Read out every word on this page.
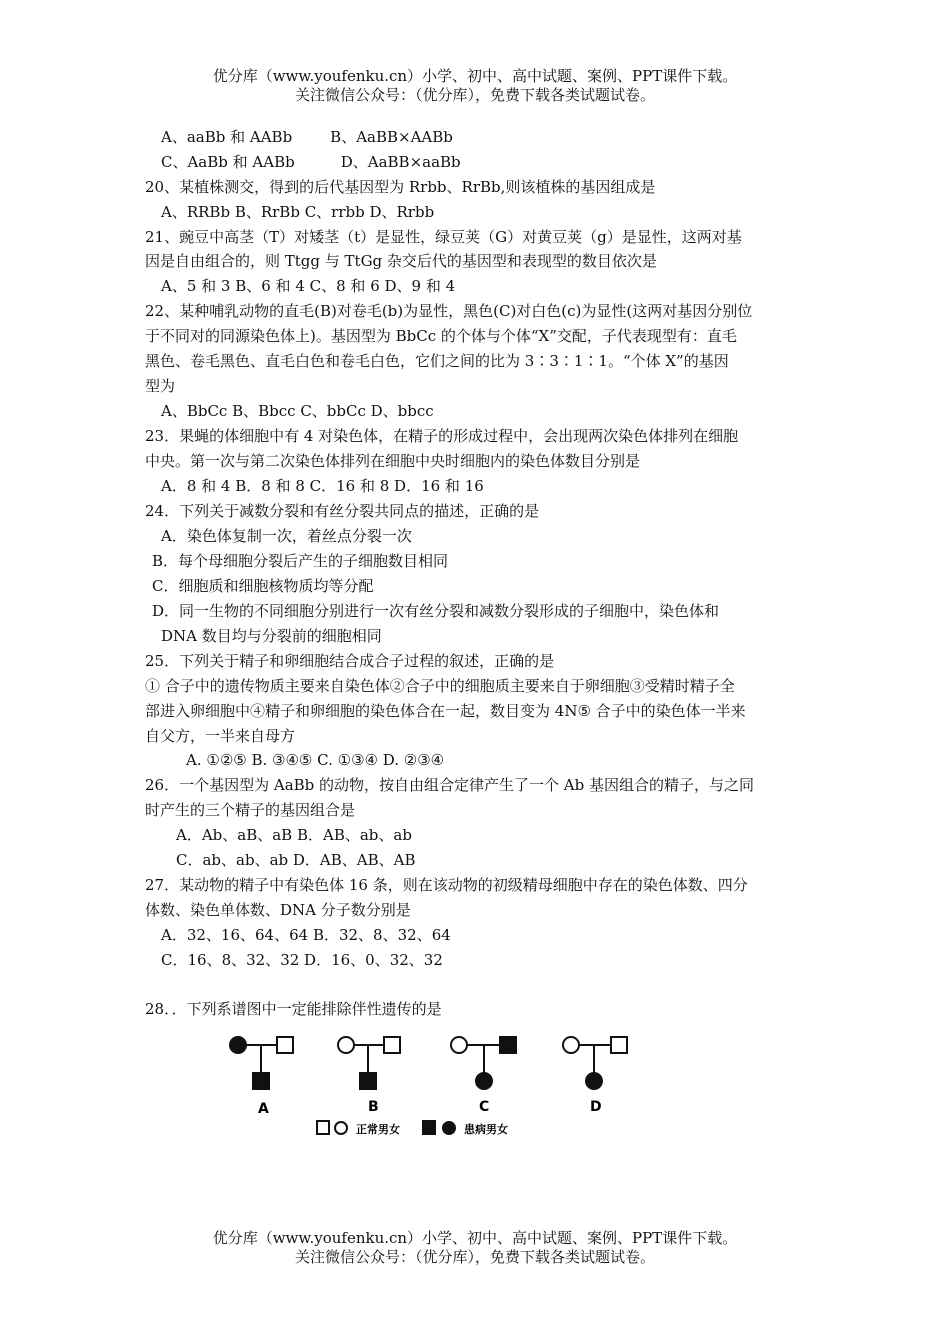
优分库（www.youfenku.cn）小学、初中、高中试题、案例、PPT课件下载。
关注微信公众号：（优分库），免费下载各类试题试卷。
A、aaBb 和 AABb	B、AaBB×AABb
C、AaBb 和 AABb	D、AaBB×aaBb
20、某植株测交，得到的后代基因型为 Rrbb、RrBb,则该植株的基因组成是
A、RRBb B、RrBb C、rrbb D、Rrbb
21、豌豆中高茎（T）对矮茎（t）是显性，绿豆荚（G）对黄豆荚（g）是显性，这两对基
因是自由组合的，则 Ttgg 与 TtGg 杂交后代的基因型和表现型的数目依次是
A、5 和 3 B、6 和 4 C、8 和 6 D、9 和 4
22、某种哺乳动物的直毛(B)对卷毛(b)为显性，黑色(C)对白色(c)为显性(这两对基因分别位
于不同对的同源染色体上)。基因型为 BbCc 的个体与个体“X”交配，子代表现型有：直毛
黑色、卷毛黑色、直毛白色和卷毛白色，它们之间的比为 3∶3∶1∶1。“个体 X”的基因
型为
A、BbCc B、Bbcc C、bbCc D、bbcc
23．果蝇的体细胞中有 4 对染色体，在精子的形成过程中，会出现两次染色体排列在细胞
中央。第一次与第二次染色体排列在细胞中央时细胞内的染色体数目分别是
A．8 和 4 B．8 和 8 C．16 和 8 D．16 和 16
24．下列关于减数分裂和有丝分裂共同点的描述，正确的是
A．染色体复制一次，着丝点分裂一次
B．每个母细胞分裂后产生的子细胞数目相同
C．细胞质和细胞核物质均等分配
D．同一生物的不同细胞分别进行一次有丝分裂和减数分裂形成的子细胞中，染色体和
DNA 数目均与分裂前的细胞相同
25．下列关于精子和卵细胞结合成合子过程的叙述，正确的是
① 合子中的遗传物质主要来自染色体②合子中的细胞质主要来自于卵细胞③受精时精子全
部进入卵细胞中④精子和卵细胞的染色体合在一起，数目变为 4N⑤ 合子中的染色体一半来
自父方，一半来自母方
A. ①②⑤ B. ③④⑤ C. ①③④ D. ②③④
26．一个基因型为 AaBb 的动物，按自由组合定律产生了一个 Ab 基因组合的精子，与之同
时产生的三个精子的基因组合是
A．Ab、aB、aB B．AB、ab、ab
C．ab、ab、ab D．AB、AB、AB
27．某动物的精子中有染色体 16 条，则在该动物的初级精母细胞中存在的染色体数、四分
体数、染色单体数、DNA 分子数分别是
A．32、16、64、64 B．32、8、32、64
C．16、8、32、32 D．16、0、32、32
28．．下列系谱图中一定能排除伴性遗传的是
A	B	C	D
正常男女	患病男女
优分库（www.youfenku.cn）小学、初中、高中试题、案例、PPT课件下载。
关注微信公众号：（优分库），免费下载各类试题试卷。
